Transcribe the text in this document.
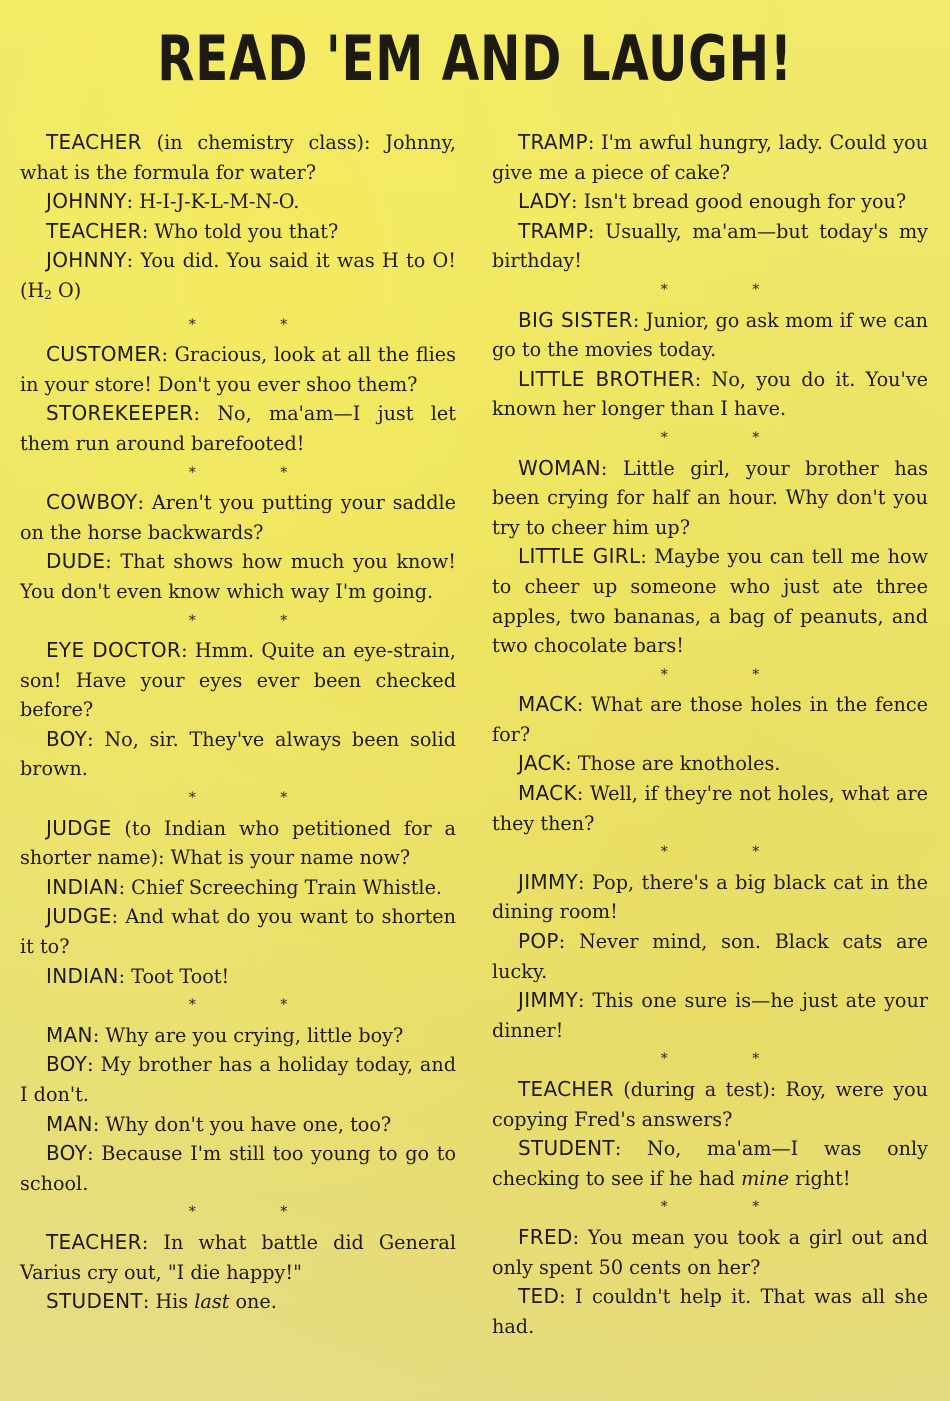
READ 'EM AND LAUGH!

TEACHER (in chemistry class): Johnny, what is the formula for water?

JOHNNY: H-I-J-K-L-M-N-O.

TEACHER: Who told you that?

JOHNNY: You did. You said it was H to O! (H2 O)

* *

CUSTOMER: Gracious, look at all the flies in your store! Don't you ever shoo them?

STOREKEEPER: No, ma'am—I just let them run around barefooted!

* *

COWBOY: Aren't you putting your saddle on the horse backwards?

DUDE: That shows how much you know! You don't even know which way I'm going.

* *

EYE DOCTOR: Hmm. Quite an eye-strain, son! Have your eyes ever been checked before?

BOY: No, sir. They've always been solid brown.

* *

JUDGE (to Indian who petitioned for a shorter name): What is your name now?

INDIAN: Chief Screeching Train Whistle.

JUDGE: And what do you want to shorten it to?

INDIAN: Toot Toot!

* *

MAN: Why are you crying, little boy?

BOY: My brother has a holiday today, and I don't.

MAN: Why don't you have one, too?

BOY: Because I'm still too young to go to school.

* *

TEACHER: In what battle did General Varius cry out, "I die happy!"

STUDENT: His last one.

TRAMP: I'm awful hungry, lady. Could you give me a piece of cake?

LADY: Isn't bread good enough for you?

TRAMP: Usually, ma'am—but today's my birthday!

* *

BIG SISTER: Junior, go ask mom if we can go to the movies today.

LITTLE BROTHER: No, you do it. You've known her longer than I have.

* *

WOMAN: Little girl, your brother has been crying for half an hour. Why don't you try to cheer him up?

LITTLE GIRL: Maybe you can tell me how to cheer up someone who just ate three apples, two bananas, a bag of peanuts, and two chocolate bars!

* *

MACK: What are those holes in the fence for?

JACK: Those are knotholes.

MACK: Well, if they're not holes, what are they then?

* *

JIMMY: Pop, there's a big black cat in the dining room!

POP: Never mind, son. Black cats are lucky.

JIMMY: This one sure is—he just ate your dinner!

* *

TEACHER (during a test): Roy, were you copying Fred's answers?

STUDENT: No, ma'am—I was only checking to see if he had mine right!

* *

FRED: You mean you took a girl out and only spent 50 cents on her?

TED: I couldn't help it. That was all she had.
